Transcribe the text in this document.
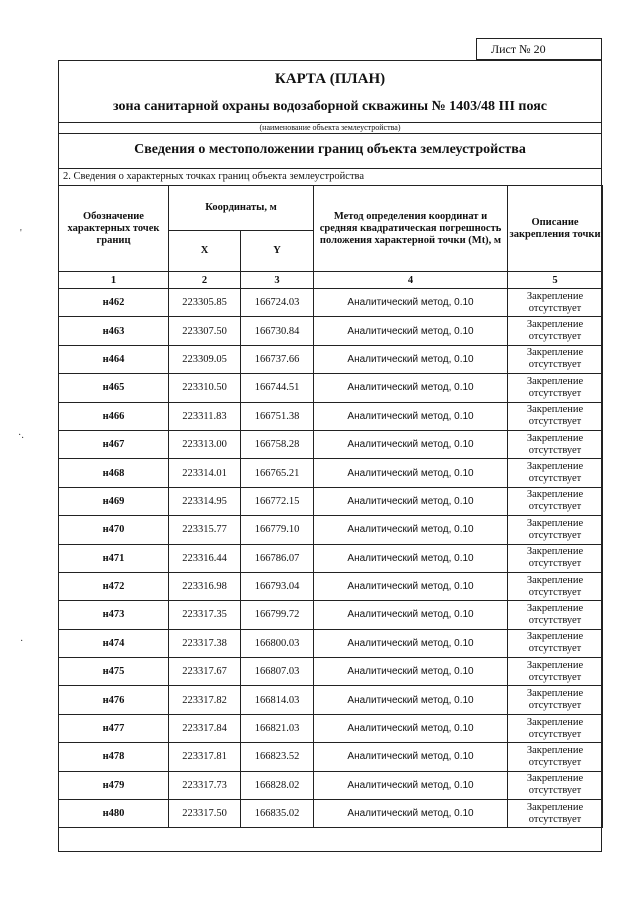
Лист № 20
КАРТА (ПЛАН)
зона санитарной охраны водозаборной скважины № 1403/48 III пояс
(наименование объекта землеустройства)
Сведения о местоположении границ объекта землеустройства
2. Сведения о характерных точках границ объекта землеустройства
Обозначение характерных точек границ	Координаты, м		Метод определения координат и средняя квадратическая погрешность положения характерной точки (Mt), м	Описание закрепления точки
	X	Y		
1	2	3	4	5
н462	223305.85	166724.03	Аналитический метод, 0.10	Закрепление отсутствует
н463	223307.50	166730.84	Аналитический метод, 0.10	Закрепление отсутствует
н464	223309.05	166737.66	Аналитический метод, 0.10	Закрепление отсутствует
н465	223310.50	166744.51	Аналитический метод, 0.10	Закрепление отсутствует
н466	223311.83	166751.38	Аналитический метод, 0.10	Закрепление отсутствует
н467	223313.00	166758.28	Аналитический метод, 0.10	Закрепление отсутствует
н468	223314.01	166765.21	Аналитический метод, 0.10	Закрепление отсутствует
н469	223314.95	166772.15	Аналитический метод, 0.10	Закрепление отсутствует
н470	223315.77	166779.10	Аналитический метод, 0.10	Закрепление отсутствует
н471	223316.44	166786.07	Аналитический метод, 0.10	Закрепление отсутствует
н472	223316.98	166793.04	Аналитический метод, 0.10	Закрепление отсутствует
н473	223317.35	166799.72	Аналитический метод, 0.10	Закрепление отсутствует
н474	223317.38	166800.03	Аналитический метод, 0.10	Закрепление отсутствует
н475	223317.67	166807.03	Аналитический метод, 0.10	Закрепление отсутствует
н476	223317.82	166814.03	Аналитический метод, 0.10	Закрепление отсутствует
н477	223317.84	166821.03	Аналитический метод, 0.10	Закрепление отсутствует
н478	223317.81	166823.52	Аналитический метод, 0.10	Закрепление отсутствует
н479	223317.73	166828.02	Аналитический метод, 0.10	Закрепление отсутствует
н480	223317.50	166835.02	Аналитический метод, 0.10	Закрепление отсутствует
'
·.
·
